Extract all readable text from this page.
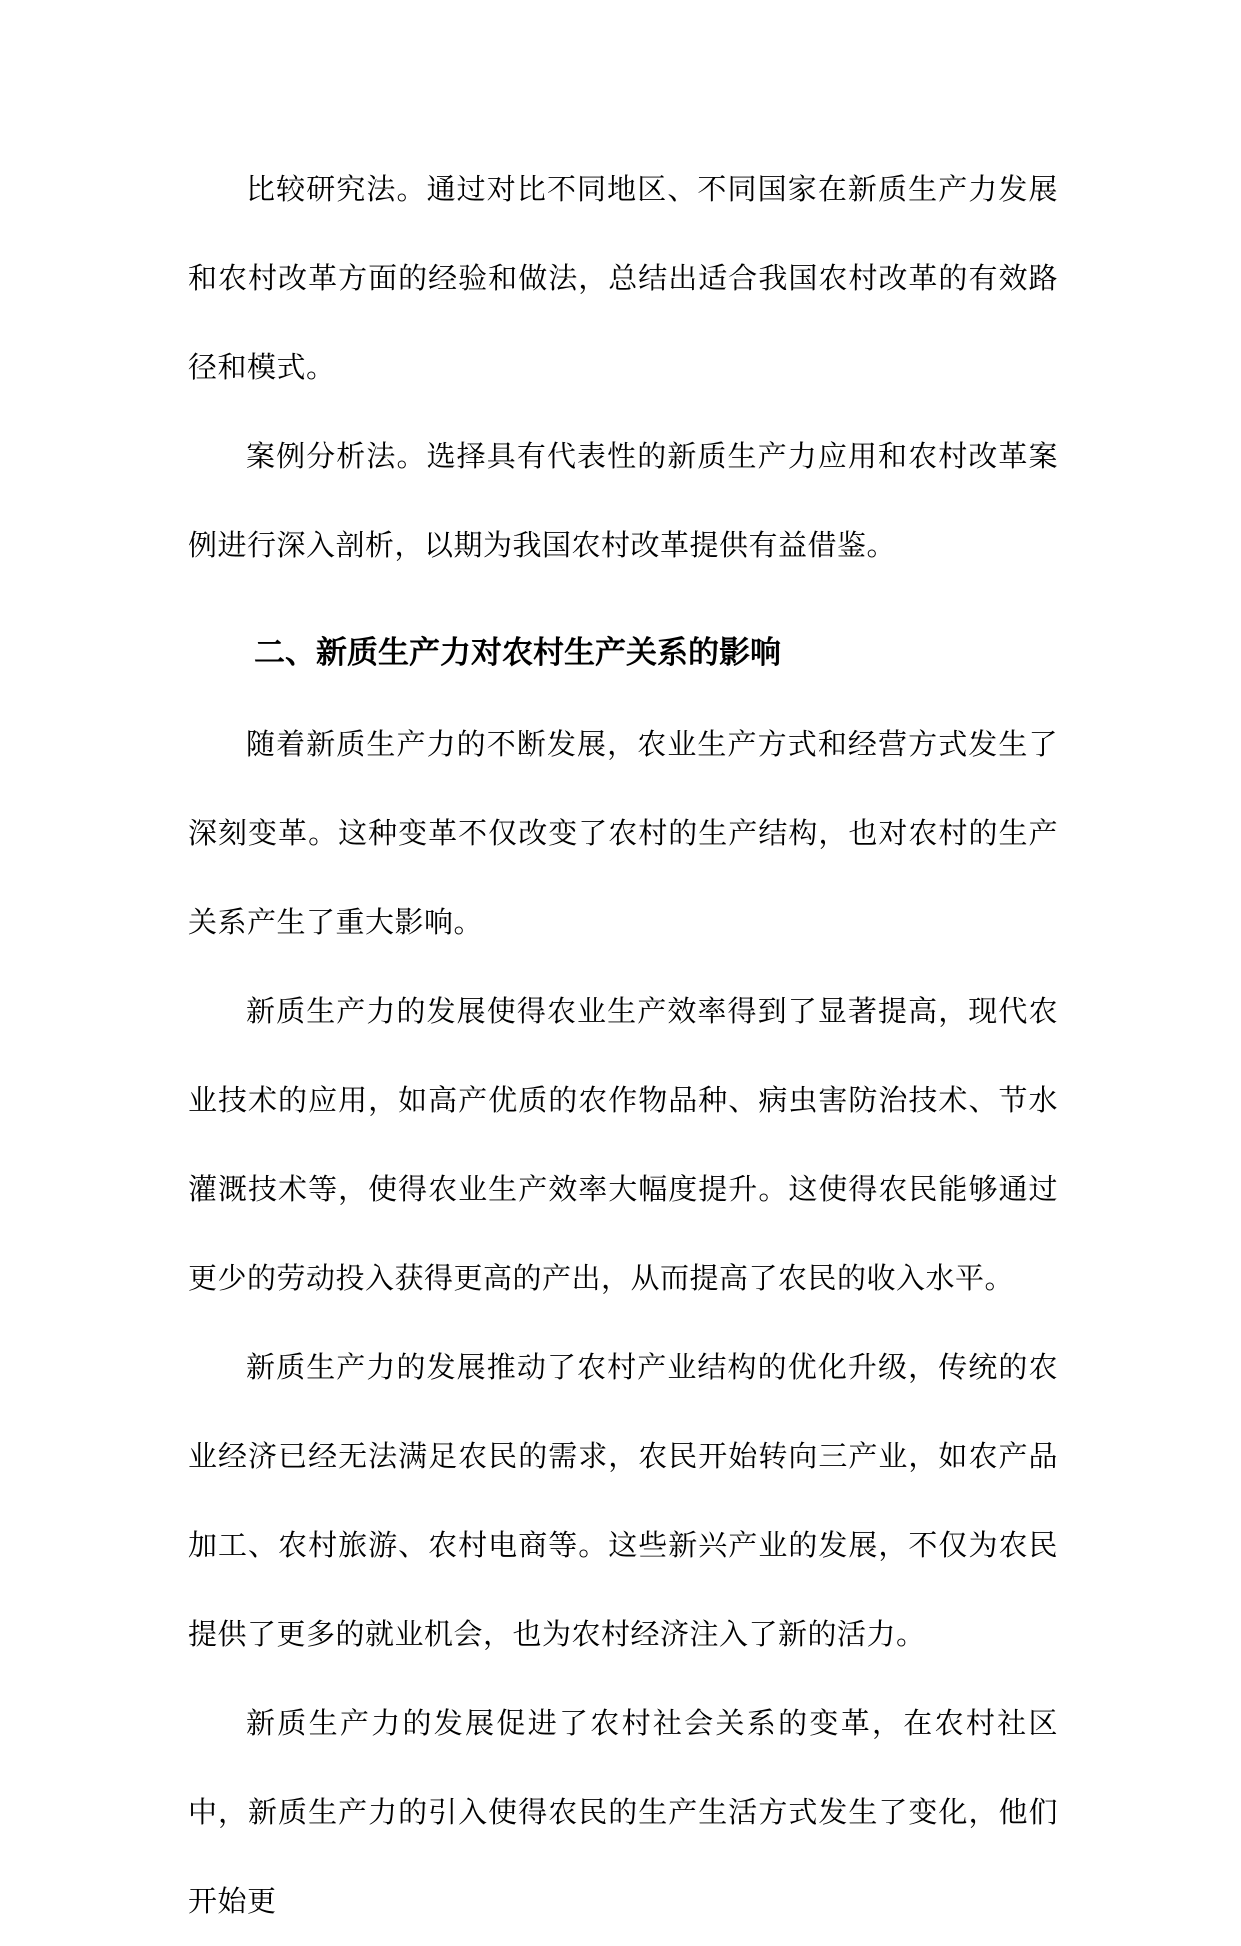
比较研究法。通过对比不同地区、不同国家在新质生产力发展和农村改革方面的经验和做法，总结出适合我国农村改革的有效路径和模式。

案例分析法。选择具有代表性的新质生产力应用和农村改革案例进行深入剖析，以期为我国农村改革提供有益借鉴。

二、新质生产力对农村生产关系的影响

随着新质生产力的不断发展，农业生产方式和经营方式发生了深刻变革。这种变革不仅改变了农村的生产结构，也对农村的生产关系产生了重大影响。

新质生产力的发展使得农业生产效率得到了显著提高，现代农业技术的应用，如高产优质的农作物品种、病虫害防治技术、节水灌溉技术等，使得农业生产效率大幅度提升。这使得农民能够通过更少的劳动投入获得更高的产出，从而提高了农民的收入水平。

新质生产力的发展推动了农村产业结构的优化升级，传统的农业经济已经无法满足农民的需求，农民开始转向三产业，如农产品加工、农村旅游、农村电商等。这些新兴产业的发展，不仅为农民提供了更多的就业机会，也为农村经济注入了新的活力。

新质生产力的发展促进了农村社会关系的变革，在农村社区中，新质生产力的引入使得农民的生产生活方式发生了变化，他们开始更
